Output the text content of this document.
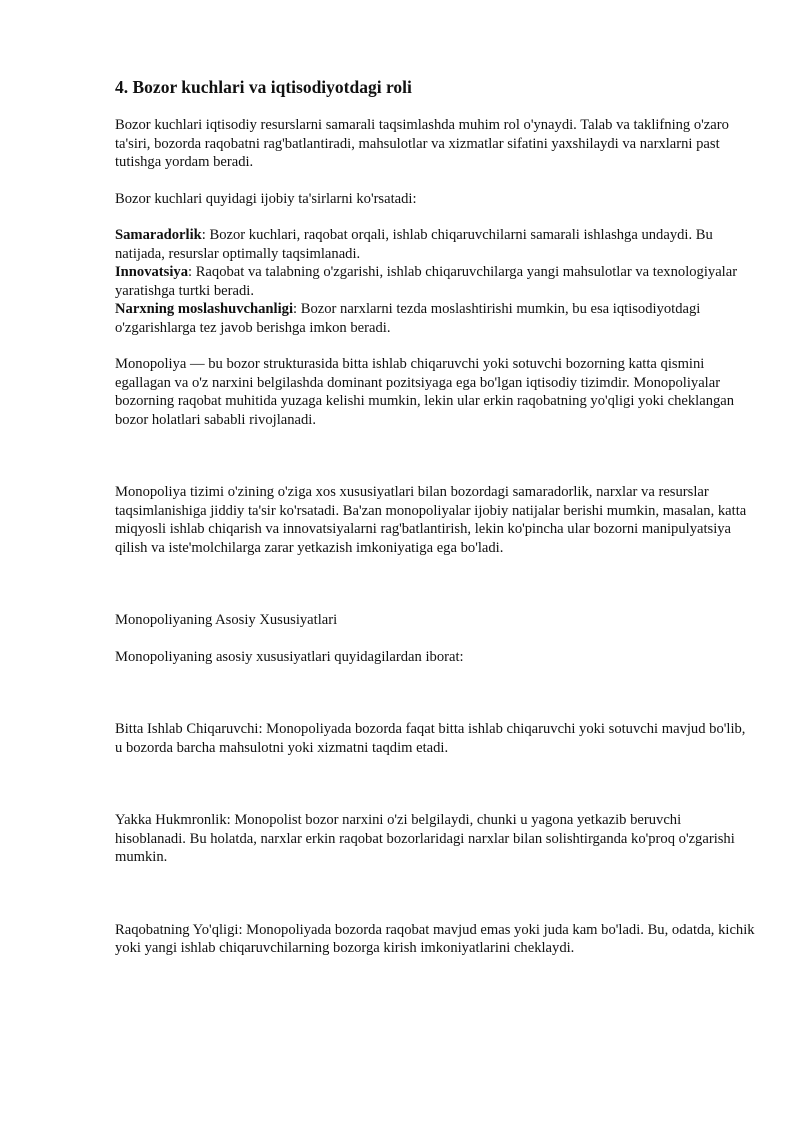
4. Bozor kuchlari va iqtisodiyotdagi roli

Bozor kuchlari iqtisodiy resurslarni samarali taqsimlashda muhim rol o'ynaydi. Talab va taklifning o'zaro ta'siri, bozorda raqobatni rag'batlantiradi, mahsulotlar va xizmatlar sifatini yaxshilaydi va narxlarni past tutishga yordam beradi.

Bozor kuchlari quyidagi ijobiy ta'sirlarni ko'rsatadi:

Samaradorlik: Bozor kuchlari, raqobat orqali, ishlab chiqaruvchilarni samarali ishlashga undaydi. Bu natijada, resurslar optimally taqsimlanadi.

Innovatsiya: Raqobat va talabning o'zgarishi, ishlab chiqaruvchilarga yangi mahsulotlar va texnologiyalar yaratishga turtki beradi.

Narxning moslashuvchanligi: Bozor narxlarni tezda moslashtirishi mumkin, bu esa iqtisodiyotdagi o'zgarishlarga tez javob berishga imkon beradi.

Monopoliya — bu bozor strukturasida bitta ishlab chiqaruvchi yoki sotuvchi bozorning katta qismini egallagan va o'z narxini belgilashda dominant pozitsiyaga ega bo'lgan iqtisodiy tizimdir. Monopoliyalar bozorning raqobat muhitida yuzaga kelishi mumkin, lekin ular erkin raqobatning yo'qligi yoki cheklangan bozor holatlari sababli rivojlanadi.

Monopoliya tizimi o'zining o'ziga xos xususiyatlari bilan bozordagi samaradorlik, narxlar va resurslar taqsimlanishiga jiddiy ta'sir ko'rsatadi. Ba'zan monopoliyalar ijobiy natijalar berishi mumkin, masalan, katta miqyosli ishlab chiqarish va innovatsiyalarni rag'batlantirish, lekin ko'pincha ular bozorni manipulyatsiya qilish va iste'molchilarga zarar yetkazish imkoniyatiga ega bo'ladi.

Monopoliyaning Asosiy Xususiyatlari

Monopoliyaning asosiy xususiyatlari quyidagilardan iborat:

Bitta Ishlab Chiqaruvchi: Monopoliyada bozorda faqat bitta ishlab chiqaruvchi yoki sotuvchi mavjud bo'lib, u bozorda barcha mahsulotni yoki xizmatni taqdim etadi.

Yakka Hukmronlik: Monopolist bozor narxini o'zi belgilaydi, chunki u yagona yetkazib beruvchi hisoblanadi. Bu holatda, narxlar erkin raqobat bozorlaridagi narxlar bilan solishtirganda ko'proq o'zgarishi mumkin.

Raqobatning Yo'qligi: Monopoliyada bozorda raqobat mavjud emas yoki juda kam bo'ladi. Bu, odatda, kichik yoki yangi ishlab chiqaruvchilarning bozorga kirish imkoniyatlarini cheklaydi.
